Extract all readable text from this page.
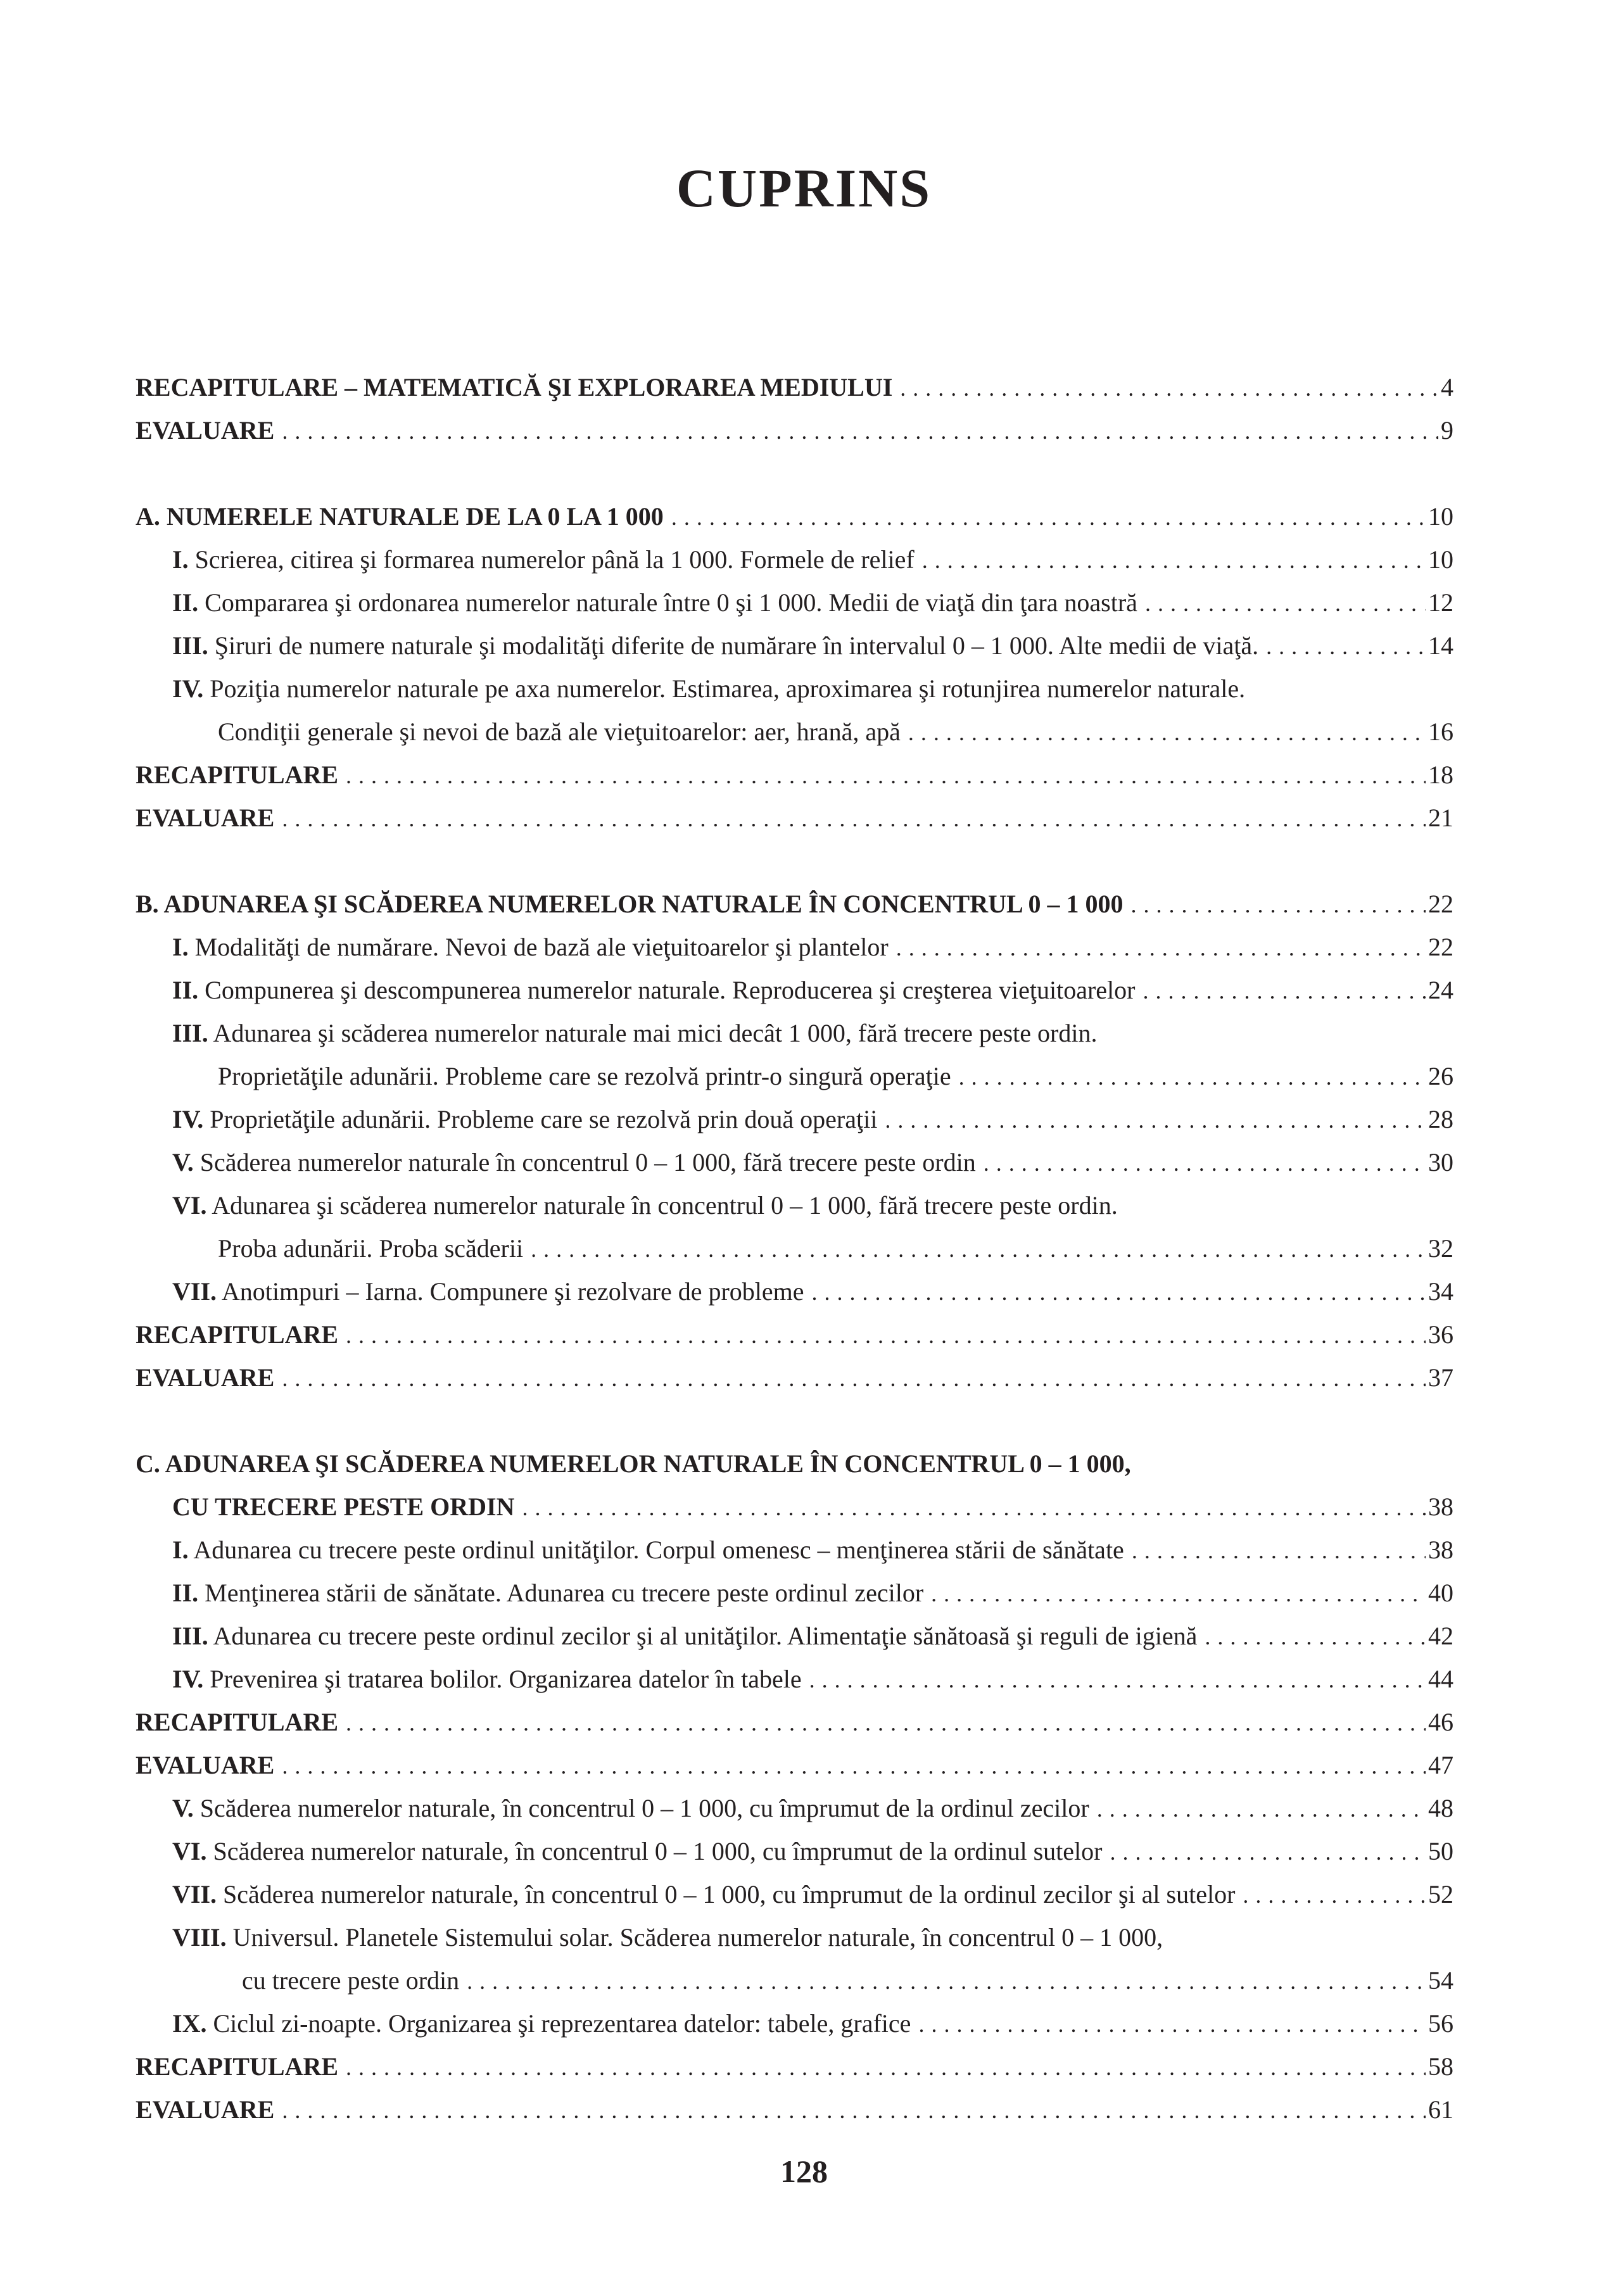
CUPRINS
RECAPITULARE – MATEMATICĂ ŞI EXPLORAREA MEDIULUI . . .	4
EVALUARE . . .	9
A. NUMERELE NATURALE DE LA 0 LA 1 000 . . .	10
I. Scrierea, citirea şi formarea numerelor până la 1 000. Formele de relief . . .	10
II. Compararea şi ordonarea numerelor naturale între 0 şi 1 000. Medii de viaţă din ţara noastră . . .	12
III. Şiruri de numere naturale şi modalităţi diferite de numărare în intervalul 0 – 1 000. Alte medii de viaţă. . . .	14
IV. Poziţia numerelor naturale pe axa numerelor. Estimarea, aproximarea şi rotunjirea numerelor naturale.
Condiţii generale şi nevoi de bază ale vieţuitoarelor: aer, hrană, apă . . .	16
RECAPITULARE . . .	18
EVALUARE . . .	21
B. ADUNAREA ŞI SCĂDEREA NUMERELOR NATURALE ÎN CONCENTRUL 0 – 1 000 . . .	22
I. Modalităţi de numărare. Nevoi de bază ale vieţuitoarelor şi plantelor . . .	22
II. Compunerea şi descompunerea numerelor naturale. Reproducerea şi creşterea vieţuitoarelor . . .	24
III. Adunarea şi scăderea numerelor naturale mai mici decât 1 000, fără trecere peste ordin.
Proprietăţile adunării. Probleme care se rezolvă printr-o singură operaţie . . .	26
IV. Proprietăţile adunării. Probleme care se rezolvă prin două operaţii . . .	28
V. Scăderea numerelor naturale în concentrul 0 – 1 000, fără trecere peste ordin . . .	30
VI. Adunarea şi scăderea numerelor naturale în concentrul 0 – 1 000, fără trecere peste ordin.
Proba adunării. Proba scăderii . . .	32
VII. Anotimpuri – Iarna. Compunere şi rezolvare de probleme . . .	34
RECAPITULARE . . .	36
EVALUARE . . .	37
C. ADUNAREA ŞI SCĂDEREA NUMERELOR NATURALE ÎN CONCENTRUL 0 – 1 000,
CU TRECERE PESTE ORDIN . . .	38
I. Adunarea cu trecere peste ordinul unităţilor. Corpul omenesc – menţinerea stării de sănătate . . .	38
II. Menţinerea stării de sănătate. Adunarea cu trecere peste ordinul zecilor . . .	40
III. Adunarea cu trecere peste ordinul zecilor şi al unităţilor. Alimentaţie sănătoasă şi reguli de igienă . . .	42
IV. Prevenirea şi tratarea bolilor. Organizarea datelor în tabele . . .	44
RECAPITULARE . . .	46
EVALUARE . . .	47
V. Scăderea numerelor naturale, în concentrul 0 – 1 000, cu împrumut de la ordinul zecilor . . .	48
VI. Scăderea numerelor naturale, în concentrul 0 – 1 000, cu împrumut de la ordinul sutelor . . .	50
VII. Scăderea numerelor naturale, în concentrul 0 – 1 000, cu împrumut de la ordinul zecilor şi al sutelor . . .	52
VIII. Universul. Planetele Sistemului solar. Scăderea numerelor naturale, în concentrul 0 – 1 000,
cu trecere peste ordin . . .	54
IX. Ciclul zi-noapte. Organizarea şi reprezentarea datelor: tabele, grafice . . .	56
RECAPITULARE . . .	58
EVALUARE . . .	61
128
